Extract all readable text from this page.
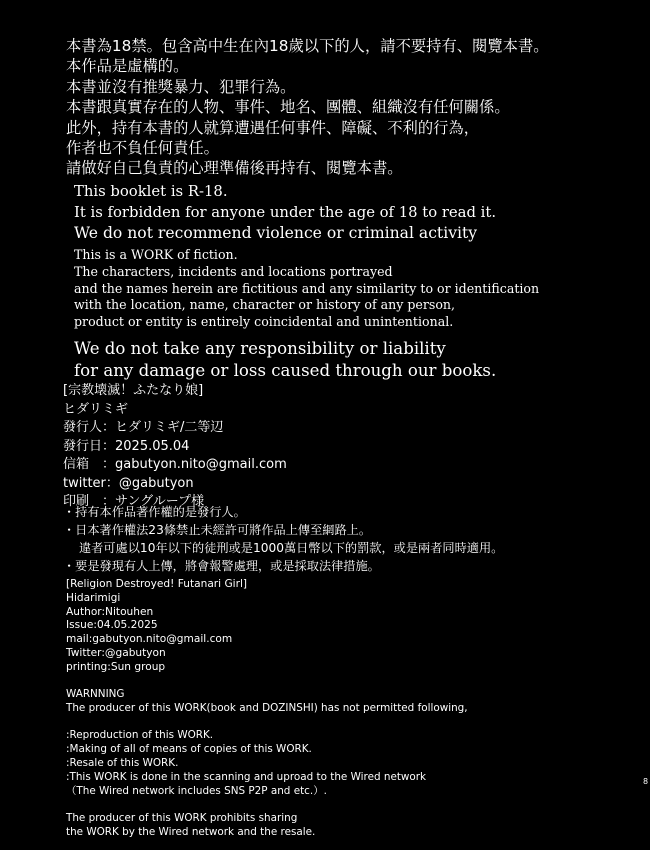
本書為18禁。包含高中生在內18歲以下的人，請不要持有、閱覽本書。
本作品是虛構的。
本書並沒有推獎暴力、犯罪行為。
本書跟真實存在的人物、事件、地名、團體、組織沒有任何關係。
此外，持有本書的人就算遭遇任何事件、障礙、不利的行為，
作者也不負任何責任。
請做好自己負責的心理準備後再持有、閱覽本書。
This booklet is R-18.
It is forbidden for anyone under the age of 18 to read it.
We do not recommend violence or criminal activity
This is a WORK of fiction.
The characters, incidents and locations portrayed
and the names herein are fictitious and any similarity to or identification
with the location, name, character or history of any person,
product or entity is entirely coincidental and unintentional.
We do not take any responsibility or liability
for any damage or loss caused through our books.
[宗教壊滅！ふたなり娘]
ヒダリミギ
發行人： ヒダリミギ/二等辺
發行日： 2025.05.04
信箱　： gabutyon.nito@gmail.com
twitter： @gabutyon
印刷　： サングループ様
・持有本作品著作權的是發行人。
・日本著作權法23條禁止未經許可將作品上傳至網路上。
違者可處以10年以下的徒刑或是1000萬日幣以下的罰款，或是兩者同時適用。
・要是發現有人上傳，將會報警處理，或是採取法律措施。
[Religion Destroyed! Futanari Girl]
Hidarimigi
Author:Nitouhen
Issue:04.05.2025
mail:gabutyon.nito@gmail.com
Twitter:@gabutyon
printing:Sun group
WARNNING
The producer of this WORK(book and DOZINSHI) has not permitted following,
:Reproduction of this WORK.
:Making of all of means of copies of this WORK.
:Resale of this WORK.
:This WORK is done in the scanning and uproad to the Wired network
（The Wired network includes SNS P2P and etc.）.
The producer of this WORK prohibits sharing
the WORK by the Wired network and the resale.
8
